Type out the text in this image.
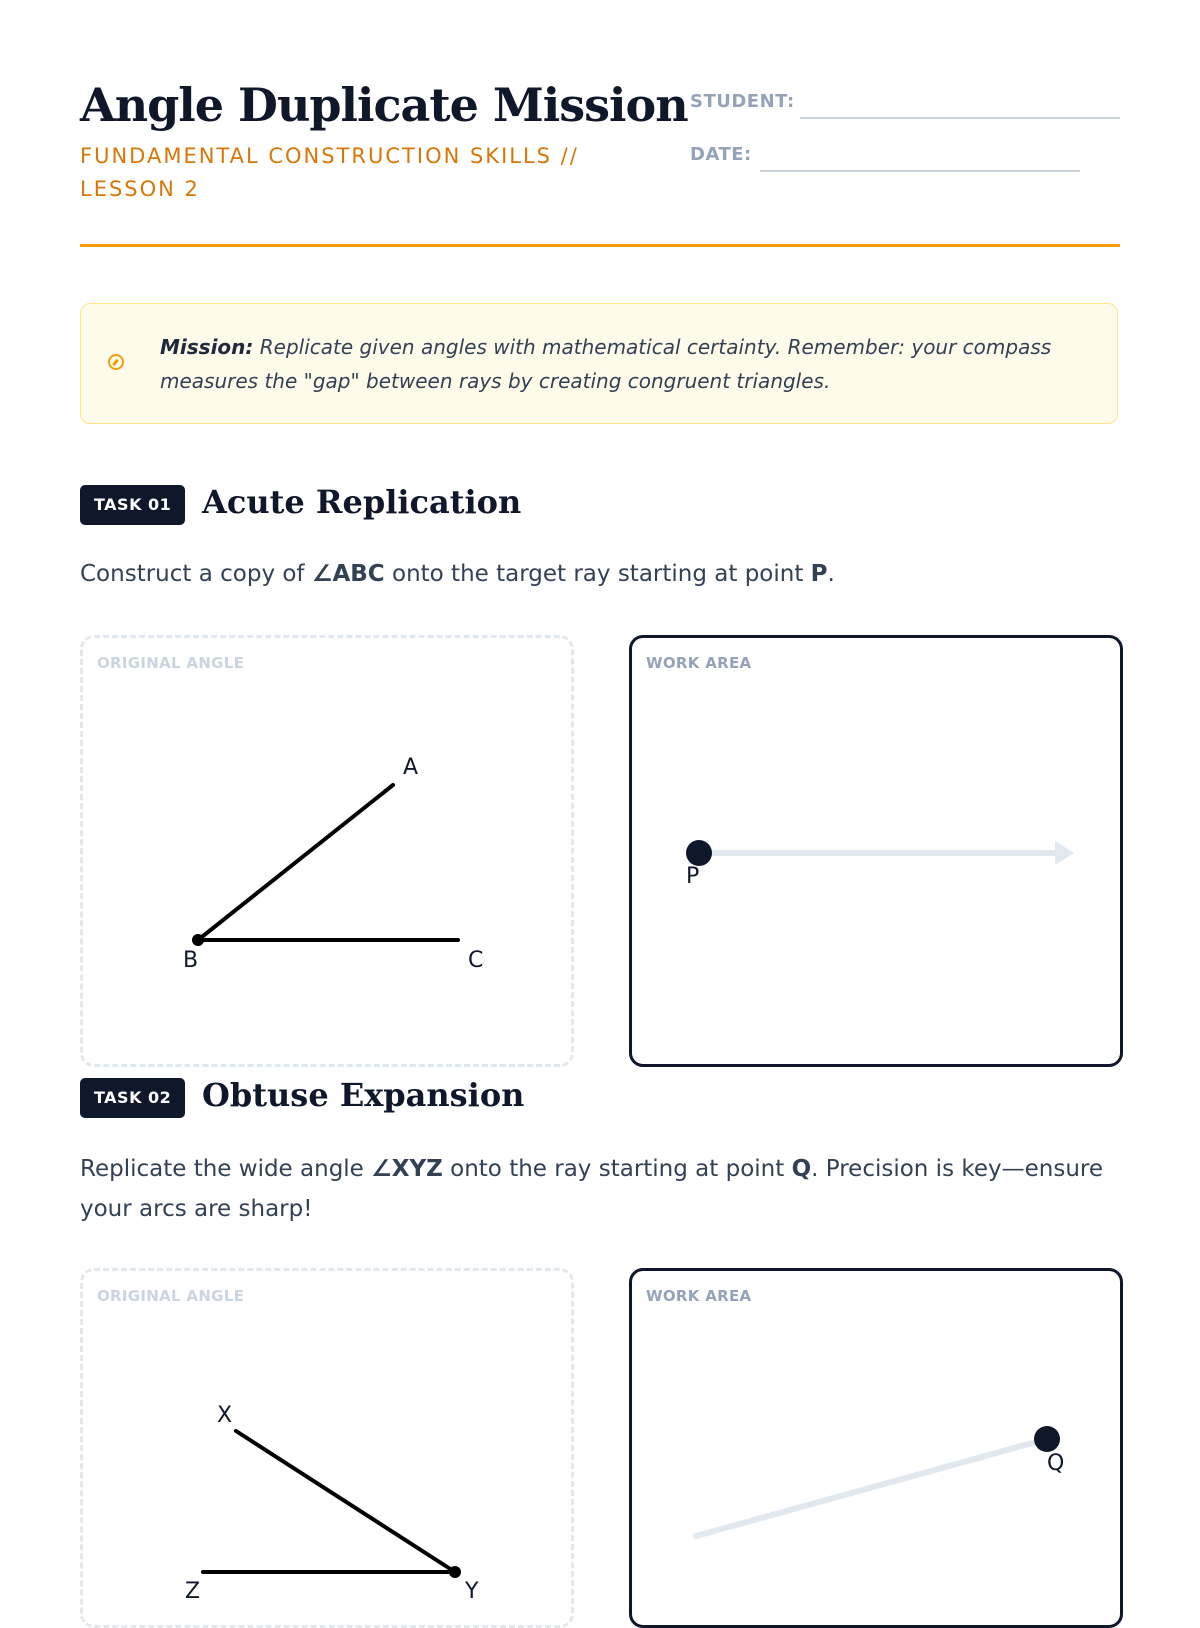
Angle Duplicate Mission
FUNDAMENTAL CONSTRUCTION SKILLS // LESSON 2
STUDENT:
DATE:
Mission: Replicate given angles with mathematical certainty. Remember: your compass measures the "gap" between rays by creating congruent triangles.
TASK 01 Acute Replication
Construct a copy of ∠ABC onto the target ray starting at point P.
ORIGINAL ANGLE
A
B	C
WORK AREA
P
TASK 02 Obtuse Expansion
Replicate the wide angle ∠XYZ onto the ray starting at point Q. Precision is key—ensure your arcs are sharp!
ORIGINAL ANGLE
X
Z	Y
WORK AREA
Q
